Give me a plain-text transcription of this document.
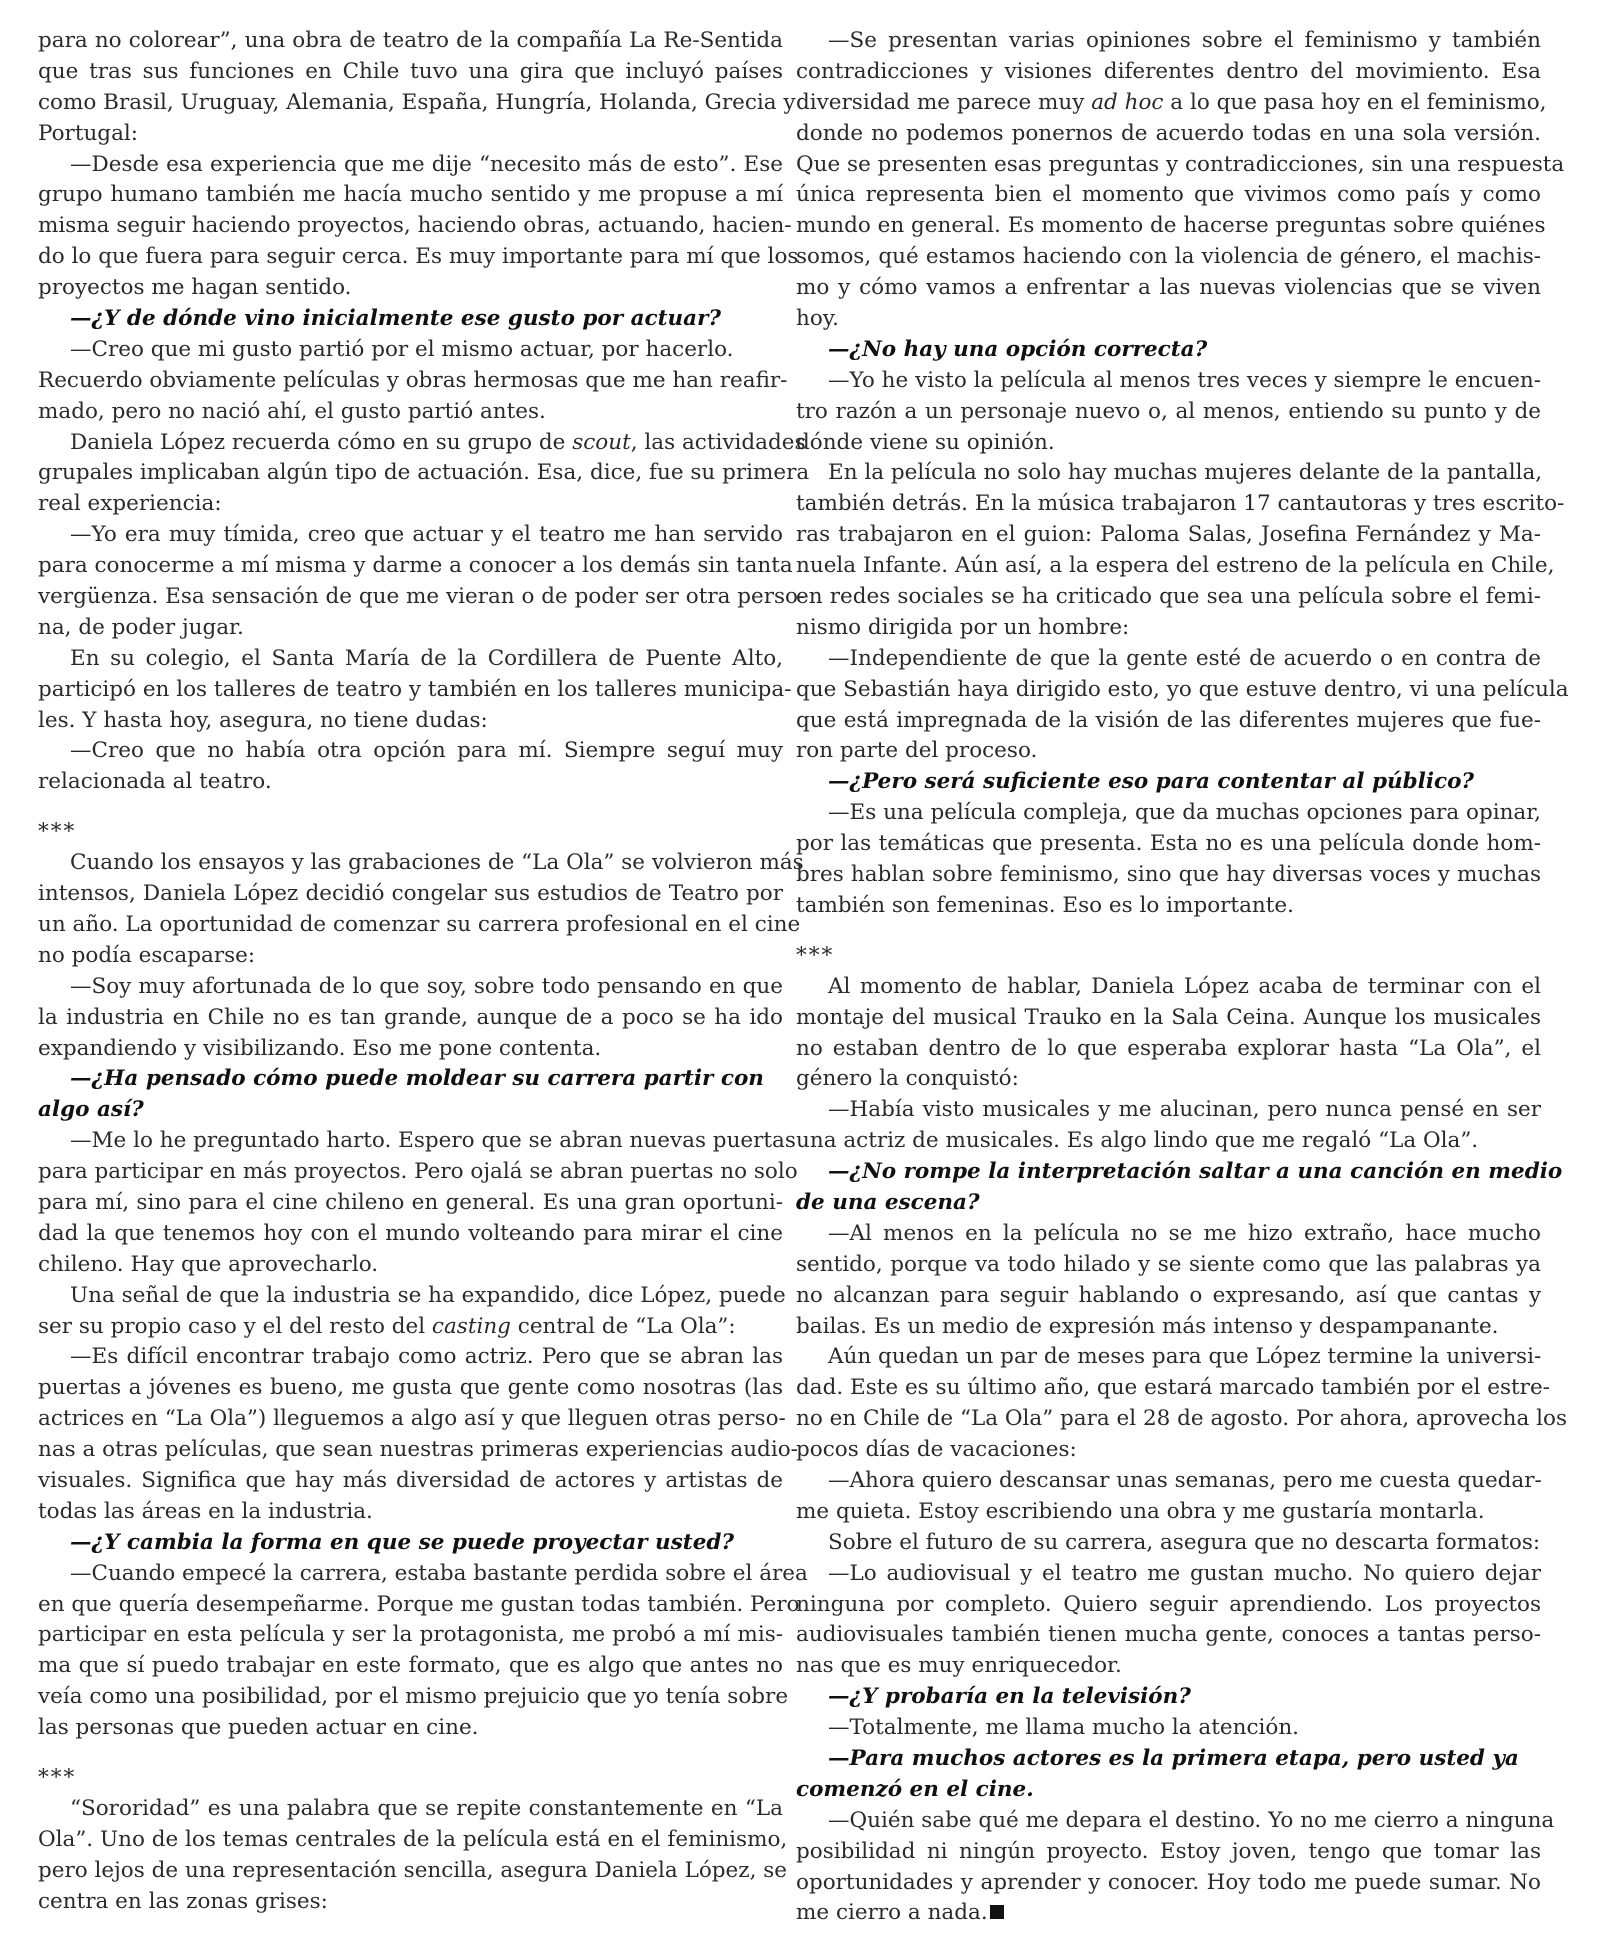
para no colorear”, una obra de teatro de la compañía La Re-Sentida
que tras sus funciones en Chile tuvo una gira que incluyó países
como Brasil, Uruguay, Alemania, España, Hungría, Holanda, Grecia y
Portugal:
—Desde esa experiencia que me dije “necesito más de esto”. Ese
grupo humano también me hacía mucho sentido y me propuse a mí
misma seguir haciendo proyectos, haciendo obras, actuando, hacien-
do lo que fuera para seguir cerca. Es muy importante para mí que los
proyectos me hagan sentido.
—¿Y de dónde vino inicialmente ese gusto por actuar?
—Creo que mi gusto partió por el mismo actuar, por hacerlo.
Recuerdo obviamente películas y obras hermosas que me han reafir-
mado, pero no nació ahí, el gusto partió antes.
Daniela López recuerda cómo en su grupo de scout, las actividades
grupales implicaban algún tipo de actuación. Esa, dice, fue su primera
real experiencia:
—Yo era muy tímida, creo que actuar y el teatro me han servido
para conocerme a mí misma y darme a conocer a los demás sin tanta
vergüenza. Esa sensación de que me vieran o de poder ser otra perso-
na, de poder jugar.
En su colegio, el Santa María de la Cordillera de Puente Alto,
participó en los talleres de teatro y también en los talleres municipa-
les. Y hasta hoy, asegura, no tiene dudas:
—Creo que no había otra opción para mí. Siempre seguí muy
relacionada al teatro.
***
Cuando los ensayos y las grabaciones de “La Ola” se volvieron más
intensos, Daniela López decidió congelar sus estudios de Teatro por
un año. La oportunidad de comenzar su carrera profesional en el cine
no podía escaparse:
—Soy muy afortunada de lo que soy, sobre todo pensando en que
la industria en Chile no es tan grande, aunque de a poco se ha ido
expandiendo y visibilizando. Eso me pone contenta.
—¿Ha pensado cómo puede moldear su carrera partir con
algo así?
—Me lo he preguntado harto. Espero que se abran nuevas puertas
para participar en más proyectos. Pero ojalá se abran puertas no solo
para mí, sino para el cine chileno en general. Es una gran oportuni-
dad la que tenemos hoy con el mundo volteando para mirar el cine
chileno. Hay que aprovecharlo.
Una señal de que la industria se ha expandido, dice López, puede
ser su propio caso y el del resto del casting central de “La Ola”:
—Es difícil encontrar trabajo como actriz. Pero que se abran las
puertas a jóvenes es bueno, me gusta que gente como nosotras (las
actrices en “La Ola”) lleguemos a algo así y que lleguen otras perso-
nas a otras películas, que sean nuestras primeras experiencias audio-
visuales. Significa que hay más diversidad de actores y artistas de
todas las áreas en la industria.
—¿Y cambia la forma en que se puede proyectar usted?
—Cuando empecé la carrera, estaba bastante perdida sobre el área
en que quería desempeñarme. Porque me gustan todas también. Pero
participar en esta película y ser la protagonista, me probó a mí mis-
ma que sí puedo trabajar en este formato, que es algo que antes no
veía como una posibilidad, por el mismo prejuicio que yo tenía sobre
las personas que pueden actuar en cine.
***
“Sororidad” es una palabra que se repite constantemente en “La
Ola”. Uno de los temas centrales de la película está en el feminismo,
pero lejos de una representación sencilla, asegura Daniela López, se
centra en las zonas grises:
—Se presentan varias opiniones sobre el feminismo y también
contradicciones y visiones diferentes dentro del movimiento. Esa
diversidad me parece muy ad hoc a lo que pasa hoy en el feminismo,
donde no podemos ponernos de acuerdo todas en una sola versión.
Que se presenten esas preguntas y contradicciones, sin una respuesta
única representa bien el momento que vivimos como país y como
mundo en general. Es momento de hacerse preguntas sobre quiénes
somos, qué estamos haciendo con la violencia de género, el machis-
mo y cómo vamos a enfrentar a las nuevas violencias que se viven
hoy.
—¿No hay una opción correcta?
—Yo he visto la película al menos tres veces y siempre le encuen-
tro razón a un personaje nuevo o, al menos, entiendo su punto y de
dónde viene su opinión.
En la película no solo hay muchas mujeres delante de la pantalla,
también detrás. En la música trabajaron 17 cantautoras y tres escrito-
ras trabajaron en el guion: Paloma Salas, Josefina Fernández y Ma-
nuela Infante. Aún así, a la espera del estreno de la película en Chile,
en redes sociales se ha criticado que sea una película sobre el femi-
nismo dirigida por un hombre:
—Independiente de que la gente esté de acuerdo o en contra de
que Sebastián haya dirigido esto, yo que estuve dentro, vi una película
que está impregnada de la visión de las diferentes mujeres que fue-
ron parte del proceso.
—¿Pero será suficiente eso para contentar al público?
—Es una película compleja, que da muchas opciones para opinar,
por las temáticas que presenta. Esta no es una película donde hom-
bres hablan sobre feminismo, sino que hay diversas voces y muchas
también son femeninas. Eso es lo importante.
***
Al momento de hablar, Daniela López acaba de terminar con el
montaje del musical Trauko en la Sala Ceina. Aunque los musicales
no estaban dentro de lo que esperaba explorar hasta “La Ola”, el
género la conquistó:
—Había visto musicales y me alucinan, pero nunca pensé en ser
una actriz de musicales. Es algo lindo que me regaló “La Ola”.
—¿No rompe la interpretación saltar a una canción en medio
de una escena?
—Al menos en la película no se me hizo extraño, hace mucho
sentido, porque va todo hilado y se siente como que las palabras ya
no alcanzan para seguir hablando o expresando, así que cantas y
bailas. Es un medio de expresión más intenso y despampanante.
Aún quedan un par de meses para que López termine la universi-
dad. Este es su último año, que estará marcado también por el estre-
no en Chile de “La Ola” para el 28 de agosto. Por ahora, aprovecha los
pocos días de vacaciones:
—Ahora quiero descansar unas semanas, pero me cuesta quedar-
me quieta. Estoy escribiendo una obra y me gustaría montarla.
Sobre el futuro de su carrera, asegura que no descarta formatos:
—Lo audiovisual y el teatro me gustan mucho. No quiero dejar
ninguna por completo. Quiero seguir aprendiendo. Los proyectos
audiovisuales también tienen mucha gente, conoces a tantas perso-
nas que es muy enriquecedor.
—¿Y probaría en la televisión?
—Totalmente, me llama mucho la atención.
—Para muchos actores es la primera etapa, pero usted ya
comenzó en el cine.
—Quién sabe qué me depara el destino. Yo no me cierro a ninguna
posibilidad ni ningún proyecto. Estoy joven, tengo que tomar las
oportunidades y aprender y conocer. Hoy todo me puede sumar. No
me cierro a nada.
